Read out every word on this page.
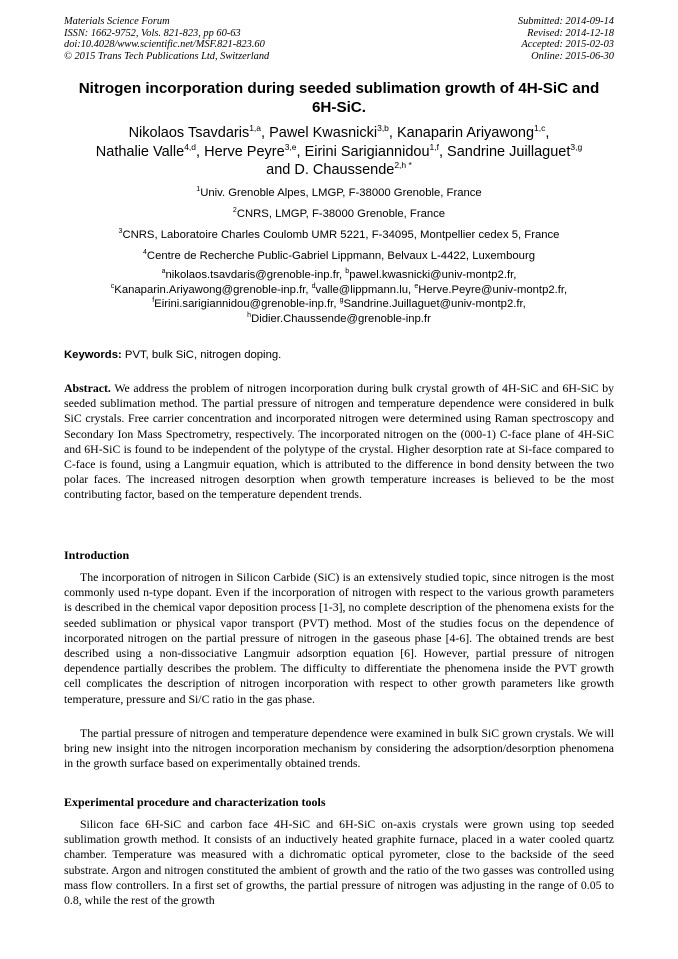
Materials Science Forum
ISSN: 1662-9752, Vols. 821-823, pp 60-63
doi:10.4028/www.scientific.net/MSF.821-823.60
© 2015 Trans Tech Publications Ltd, Switzerland
Submitted: 2014-09-14
Revised: 2014-12-18
Accepted: 2015-02-03
Online: 2015-06-30
Nitrogen incorporation during seeded sublimation growth of 4H-SiC and
6H-SiC.
Nikolaos Tsavdaris$^{1,a}$, Pawel Kwasnicki$^{3,b}$, Kanaparin Ariyawong$^{1,c}$,
Nathalie Valle$^{4,d}$, Herve Peyre$^{3,e}$, Eirini Sarigiannidou$^{1,f}$, Sandrine Juillaguet$^{3,g}$
and D. Chaussende$^{2,h *}$
$^1$Univ. Grenoble Alpes, LMGP, F-38000 Grenoble, France
$^2$CNRS, LMGP, F-38000 Grenoble, France
$^3$CNRS, Laboratoire Charles Coulomb UMR 5221, F-34095, Montpellier cedex 5, France
$^4$Centre de Recherche Public-Gabriel Lippmann, Belvaux L-4422, Luxembourg
$^a$nikolaos.tsavdaris@grenoble-inp.fr, $^b$pawel.kwasnicki@univ-montp2.fr,
$^c$Kanaparin.Ariyawong@grenoble-inp.fr, $^d$valle@lippmann.lu, $^e$Herve.Peyre@univ-montp2.fr,
$^f$Eirini.sarigiannidou@grenoble-inp.fr, $^g$Sandrine.Juillaguet@univ-montp2.fr,
$^h$Didier.Chaussende@grenoble-inp.fr
Keywords: PVT, bulk SiC, nitrogen doping.
Abstract. We address the problem of nitrogen incorporation during bulk crystal growth of 4H-SiC and 6H-SiC by seeded sublimation method. The partial pressure of nitrogen and temperature dependence were considered in bulk SiC crystals. Free carrier concentration and incorporated nitrogen were determined using Raman spectroscopy and Secondary Ion Mass Spectrometry, respectively. The incorporated nitrogen on the (000-1) C-face plane of 4H-SiC and 6H-SiC is found to be independent of the polytype of the crystal. Higher desorption rate at Si-face compared to C-face is found, using a Langmuir equation, which is attributed to the difference in bond density between the two polar faces. The increased nitrogen desorption when growth temperature increases is believed to be the most contributing factor, based on the temperature dependent trends.
Introduction

The incorporation of nitrogen in Silicon Carbide (SiC) is an extensively studied topic, since nitrogen is the most commonly used n-type dopant. Even if the incorporation of nitrogen with respect to the various growth parameters is described in the chemical vapor deposition process [1-3], no complete description of the phenomena exists for the seeded sublimation or physical vapor transport (PVT) method. Most of the studies focus on the dependence of incorporated nitrogen on the partial pressure of nitrogen in the gaseous phase [4-6]. The obtained trends are best described using a non-dissociative Langmuir adsorption equation [6]. However, partial pressure of nitrogen dependence partially describes the problem. The difficulty to differentiate the phenomena inside the PVT growth cell complicates the description of nitrogen incorporation with respect to other growth parameters like growth temperature, pressure and Si/C ratio in the gas phase.

The partial pressure of nitrogen and temperature dependence were examined in bulk SiC grown crystals. We will bring new insight into the nitrogen incorporation mechanism by considering the adsorption/desorption phenomena in the growth surface based on experimentally obtained trends.

Experimental procedure and characterization tools

Silicon face 6H-SiC and carbon face 4H-SiC and 6H-SiC on-axis crystals were grown using top seeded sublimation growth method. It consists of an inductively heated graphite furnace, placed in a water cooled quartz chamber. Temperature was measured with a dichromatic optical pyrometer, close to the backside of the seed substrate. Argon and nitrogen constituted the ambient of growth and the ratio of the two gasses was controlled using mass flow controllers. In a first set of growths, the partial pressure of nitrogen was adjusting in the range of 0.05 to 0.8, while the rest of the growth
